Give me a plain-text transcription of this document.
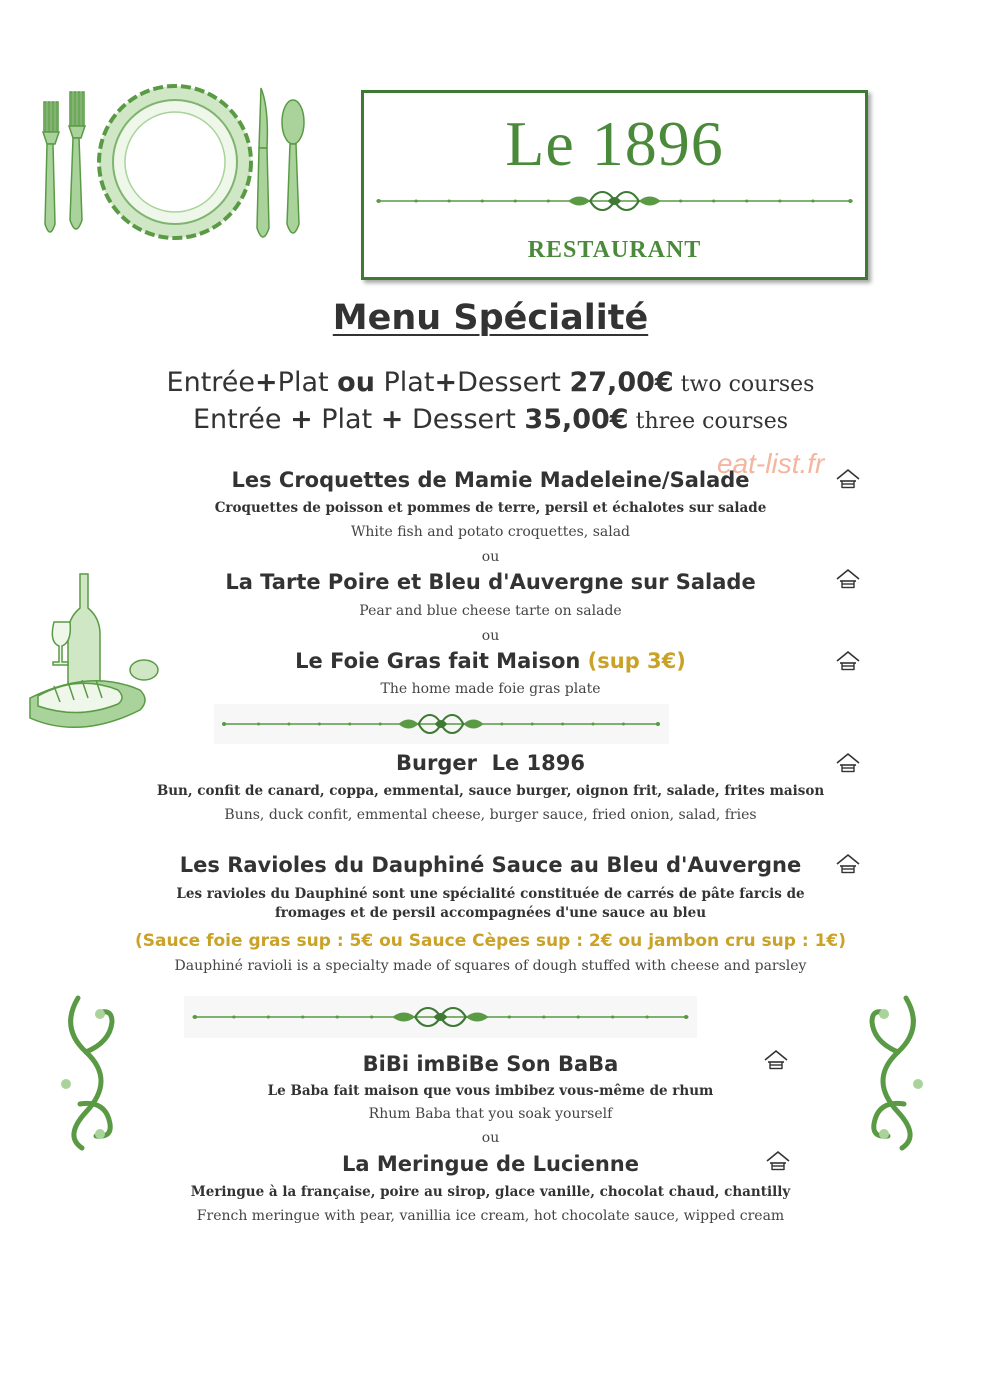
Le 1896
RESTAURANT
Menu Spécialité
Entrée+Plat ou Plat+Dessert 27,00€ two courses
Entrée + Plat + Dessert 35,00€ three courses
eat-list.fr
Les Croquettes de Mamie Madeleine/Salade
Croquettes de poisson et pommes de terre, persil et échalotes sur salade
White fish and potato croquettes, salad
ou
La Tarte Poire et Bleu d'Auvergne sur Salade
Pear and blue cheese tarte on salade
ou
Le Foie Gras fait Maison (sup 3€)
The home made foie gras plate
Burger  Le 1896
Bun, confit de canard, coppa, emmental, sauce burger, oignon frit, salade, frites maison
Buns, duck confit, emmental cheese, burger sauce, fried onion, salad, fries
Les Ravioles du Dauphiné Sauce au Bleu d'Auvergne
Les ravioles du Dauphiné sont une spécialité constituée de carrés de pâte farcis de
fromages et de persil accompagnées d'une sauce au bleu
(Sauce foie gras sup : 5€ ou Sauce Cèpes sup : 2€ ou jambon cru sup : 1€)
Dauphiné ravioli is a specialty made of squares of dough stuffed with cheese and parsley
BiBi imBiBe Son BaBa
Le Baba fait maison que vous imbibez vous-même de rhum
Rhum Baba that you soak yourself
ou
La Meringue de Lucienne
Meringue à la française, poire au sirop, glace vanille, chocolat chaud, chantilly
French meringue with pear, vanillia ice cream, hot chocolate sauce, wipped cream
